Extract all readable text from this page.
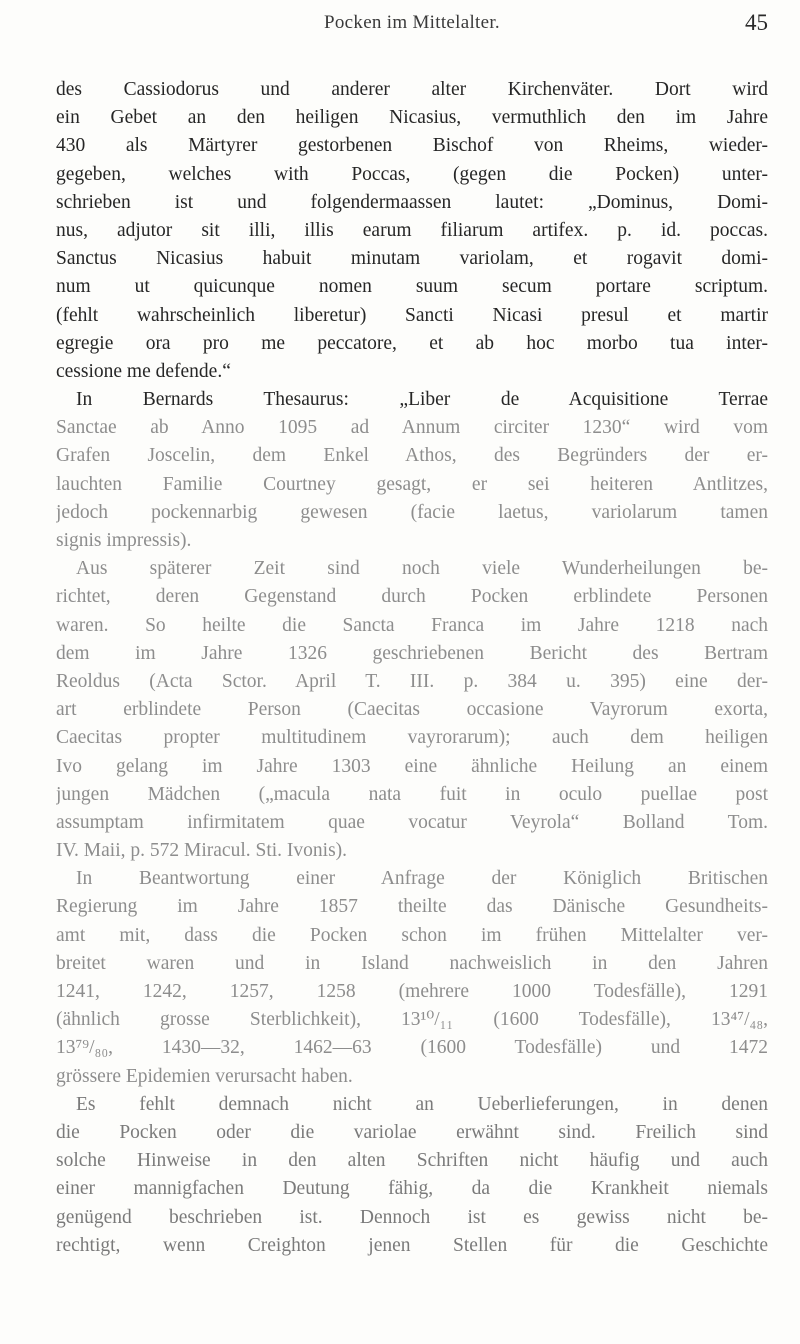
Pocken im Mittelalter.	45
des Cassiodorus und anderer alter Kirchenväter. Dort wird
ein Gebet an den heiligen Nicasius, vermuthlich den im Jahre
430 als Märtyrer gestorbenen Bischof von Rheims, wieder-
gegeben, welches with Poccas, (gegen die Pocken) unter-
schrieben ist und folgendermaassen lautet: „Dominus, Domi-
nus, adjutor sit illi, illis earum filiarum artifex. p. id. poccas.
Sanctus Nicasius habuit minutam variolam, et rogavit domi-
num ut quicunque nomen suum secum portare scriptum.
(fehlt wahrscheinlich liberetur) Sancti Nicasi presul et martir
egregie ora pro me peccatore, et ab hoc morbo tua inter-
cessione me defende.“
In Bernards Thesaurus: „Liber de Acquisitione Terrae
Sanctae ab Anno 1095 ad Annum circiter 1230“ wird vom
Grafen Joscelin, dem Enkel Athos, des Begründers der er-
lauchten Familie Courtney gesagt, er sei heiteren Antlitzes,
jedoch pockennarbig gewesen (facie laetus, variolarum tamen
signis impressis).
Aus späterer Zeit sind noch viele Wunderheilungen be-
richtet, deren Gegenstand durch Pocken erblindete Personen
waren. So heilte die Sancta Franca im Jahre 1218 nach
dem im Jahre 1326 geschriebenen Bericht des Bertram
Reoldus (Acta Sctor. April T. III. p. 384 u. 395) eine der-
art erblindete Person (Caecitas occasione Vayrorum exorta,
Caecitas propter multitudinem vayrorarum); auch dem heiligen
Ivo gelang im Jahre 1303 eine ähnliche Heilung an einem
jungen Mädchen („macula nata fuit in oculo puellae post
assumptam infirmitatem quae vocatur Veyrola“ Bolland Tom.
IV. Maii, p. 572 Miracul. Sti. Ivonis).
In Beantwortung einer Anfrage der Königlich Britischen
Regierung im Jahre 1857 theilte das Dänische Gesundheits-
amt mit, dass die Pocken schon im frühen Mittelalter ver-
breitet waren und in Island nachweislich in den Jahren
1241, 1242, 1257, 1258 (mehrere 1000 Todesfälle), 1291
(ähnlich grosse Sterblichkeit), 13¹⁰/₁₁ (1600 Todesfälle), 13⁴⁷/₄₈,
13⁷⁹/₈₀, 1430—32, 1462—63 (1600 Todesfälle) und 1472
grössere Epidemien verursacht haben.
Es fehlt demnach nicht an Ueberlieferungen, in denen
die Pocken oder die variolae erwähnt sind. Freilich sind
solche Hinweise in den alten Schriften nicht häufig und auch
einer mannigfachen Deutung fähig, da die Krankheit niemals
genügend beschrieben ist. Dennoch ist es gewiss nicht be-
rechtigt, wenn Creighton jenen Stellen für die Geschichte
